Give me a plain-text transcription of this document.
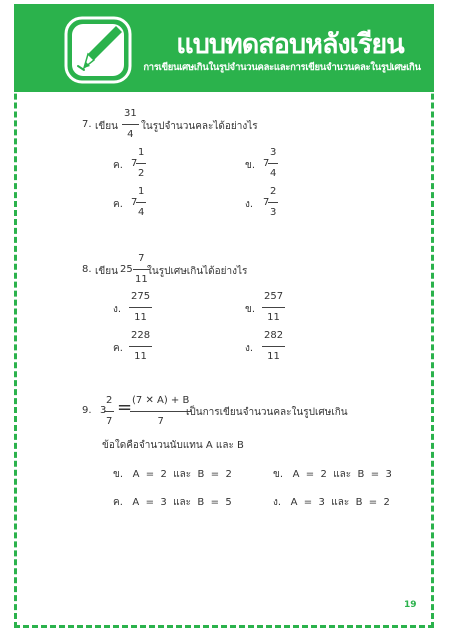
แบบทดสอบหลังเรียน
การเขียนเศษเกินในรูปจำนวนคละและการเขียนจำนวนคละในรูปเศษเกิน
7. เขียน
31
4
ในรูปจำนวนคละได้อย่างไร
ค. 7
1
2
ข. 7
3
4
ค. 7
1
4
ง. 7
2
3
8. เขียน 25
7
11
ในรูปเศษเกินได้อย่างไร
ง.
275
11
ข.
257
11
ค.
228
11
ง.
282
11
9. 3
2
7
= (7 ✕ A) + B
7
เป็นการเขียนจำนวนคละในรูปเศษเกิน
ข้อใดคือจำนวนนับแทน A และ B
ข. A  =  2  และ  B  =  2	ข. A  =  2  และ  B  =  3
ค. A  =  3  และ  B  =  5	ง. A  =  3  และ  B  =  2
19
